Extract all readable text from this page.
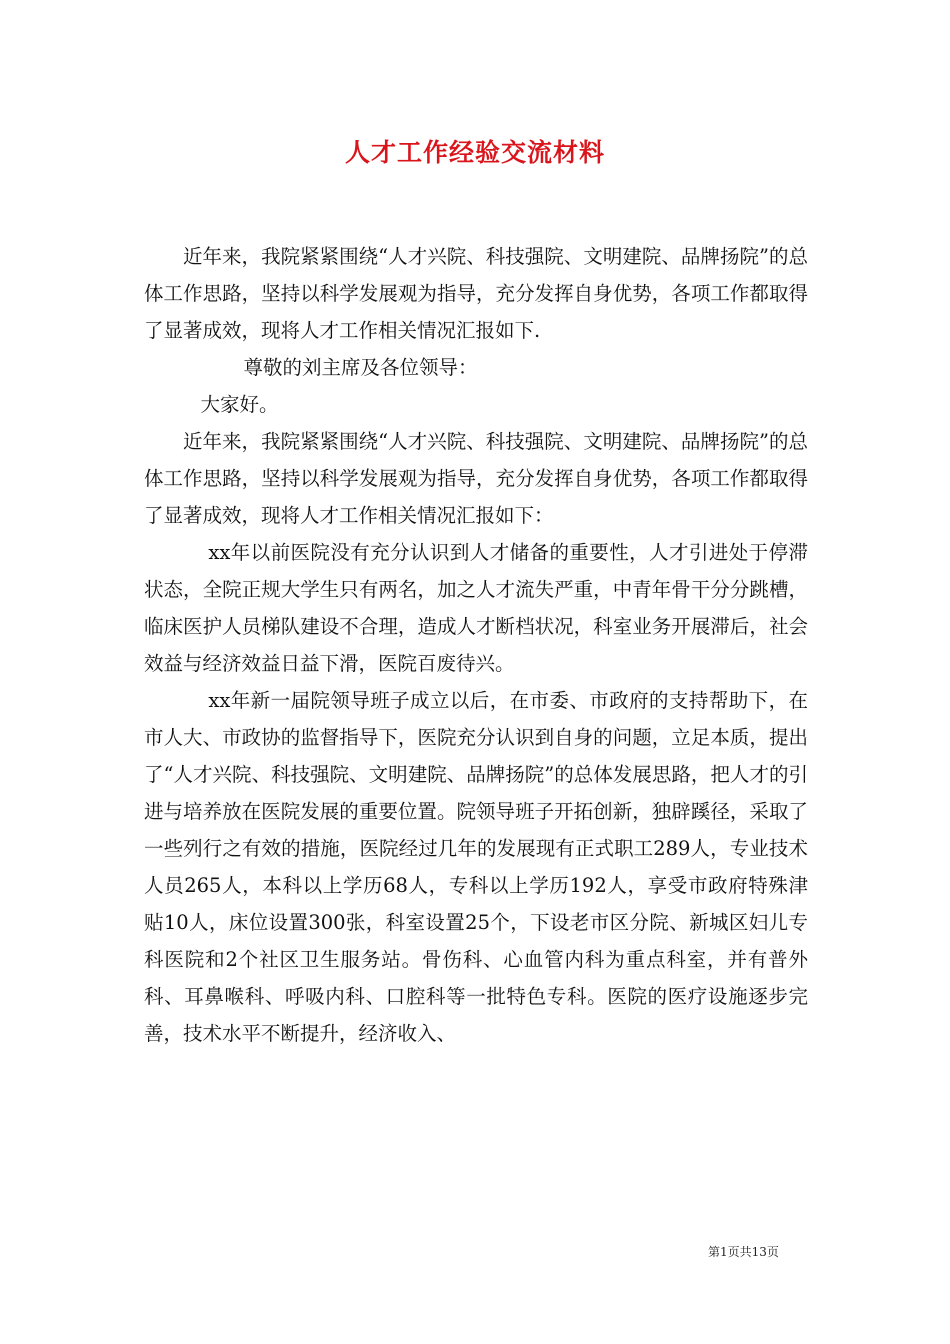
人才工作经验交流材料

近年来，我院紧紧围绕“人才兴院、科技强院、文明建院、品牌扬院”的总体工作思路，坚持以科学发展观为指导，充分发挥自身优势，各项工作都取得了显著成效，现将人才工作相关情况汇报如下.

尊敬的刘主席及各位领导：

大家好。

近年来，我院紧紧围绕“人才兴院、科技强院、文明建院、品牌扬院”的总体工作思路，坚持以科学发展观为指导，充分发挥自身优势，各项工作都取得了显著成效，现将人才工作相关情况汇报如下：

xx年以前医院没有充分认识到人才储备的重要性，人才引进处于停滞状态，全院正规大学生只有两名，加之人才流失严重，中青年骨干分分跳槽，临床医护人员梯队建设不合理，造成人才断档状况，科室业务开展滞后，社会效益与经济效益日益下滑，医院百废待兴。

xx年新一届院领导班子成立以后，在市委、市政府的支持帮助下，在市人大、市政协的监督指导下，医院充分认识到自身的问题，立足本质，提出了“人才兴院、科技强院、文明建院、品牌扬院”的总体发展思路，把人才的引进与培养放在医院发展的重要位置。院领导班子开拓创新，独辟蹊径，采取了一些列行之有效的措施，医院经过几年的发展现有正式职工289人，专业技术人员265人，本科以上学历68人，专科以上学历192人，享受市政府特殊津贴10人，床位设置300张，科室设置25个，下设老市区分院、新城区妇儿专科医院和2个社区卫生服务站。骨伤科、心血管内科为重点科室，并有普外科、耳鼻喉科、呼吸内科、口腔科等一批特色专科。医院的医疗设施逐步完善，技术水平不断提升，经济收入、

第1页共13页
